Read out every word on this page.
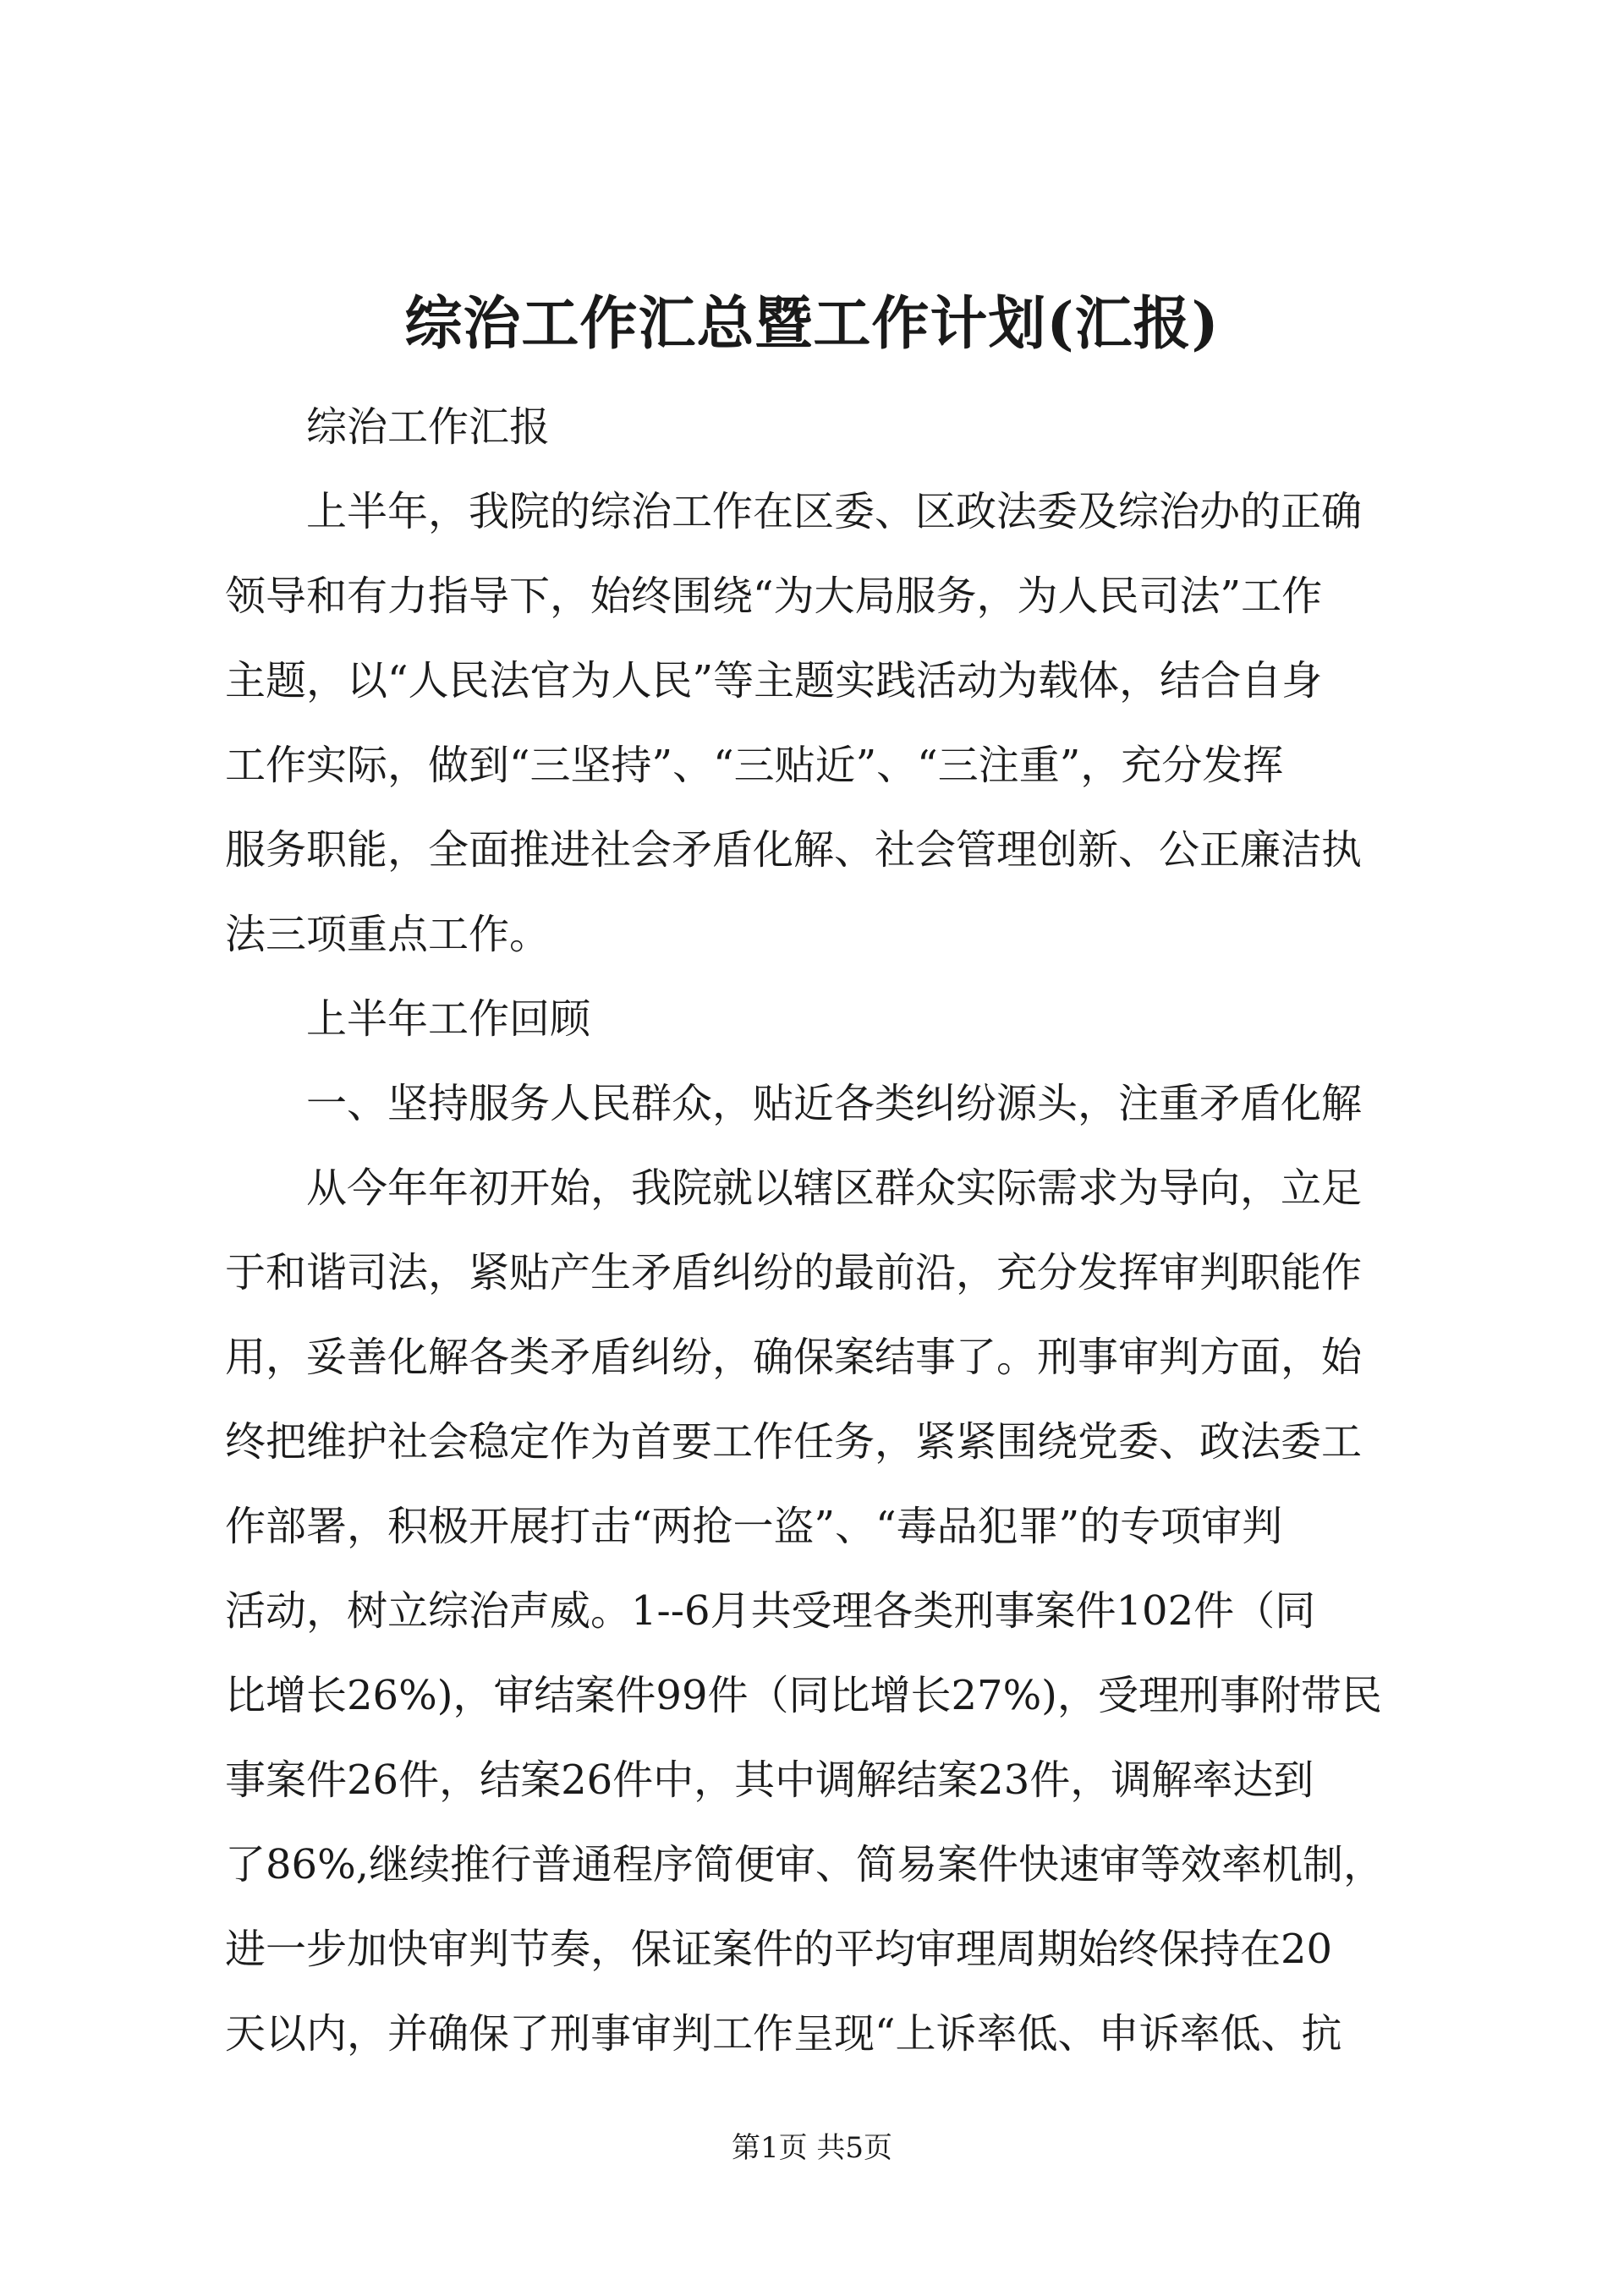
综治工作汇总暨工作计划(汇报)
综治工作汇报
上半年，我院的综治工作在区委、区政法委及综治办的正确
领导和有力指导下，始终围绕“为大局服务，为人民司法”工作
主题，以“人民法官为人民”等主题实践活动为载体，结合自身
工作实际，做到“三坚持”、“三贴近”、“三注重”，充分发挥
服务职能，全面推进社会矛盾化解、社会管理创新、公正廉洁执
法三项重点工作。
上半年工作回顾
一、坚持服务人民群众，贴近各类纠纷源头，注重矛盾化解
从今年年初开始，我院就以辖区群众实际需求为导向，立足
于和谐司法，紧贴产生矛盾纠纷的最前沿，充分发挥审判职能作
用，妥善化解各类矛盾纠纷，确保案结事了。刑事审判方面，始
终把维护社会稳定作为首要工作任务，紧紧围绕党委、政法委工
作部署，积极开展打击“两抢一盗”、“毒品犯罪”的专项审判
活动，树立综治声威。1--6月共受理各类刑事案件102件（同
比增长26%)，审结案件99件（同比增长27%)，受理刑事附带民
事案件26件，结案26件中，其中调解结案23件，调解率达到
了86%,继续推行普通程序简便审、简易案件快速审等效率机制，
进一步加快审判节奏，保证案件的平均审理周期始终保持在20
天以内，并确保了刑事审判工作呈现“上诉率低、申诉率低、抗
第1页 共5页
